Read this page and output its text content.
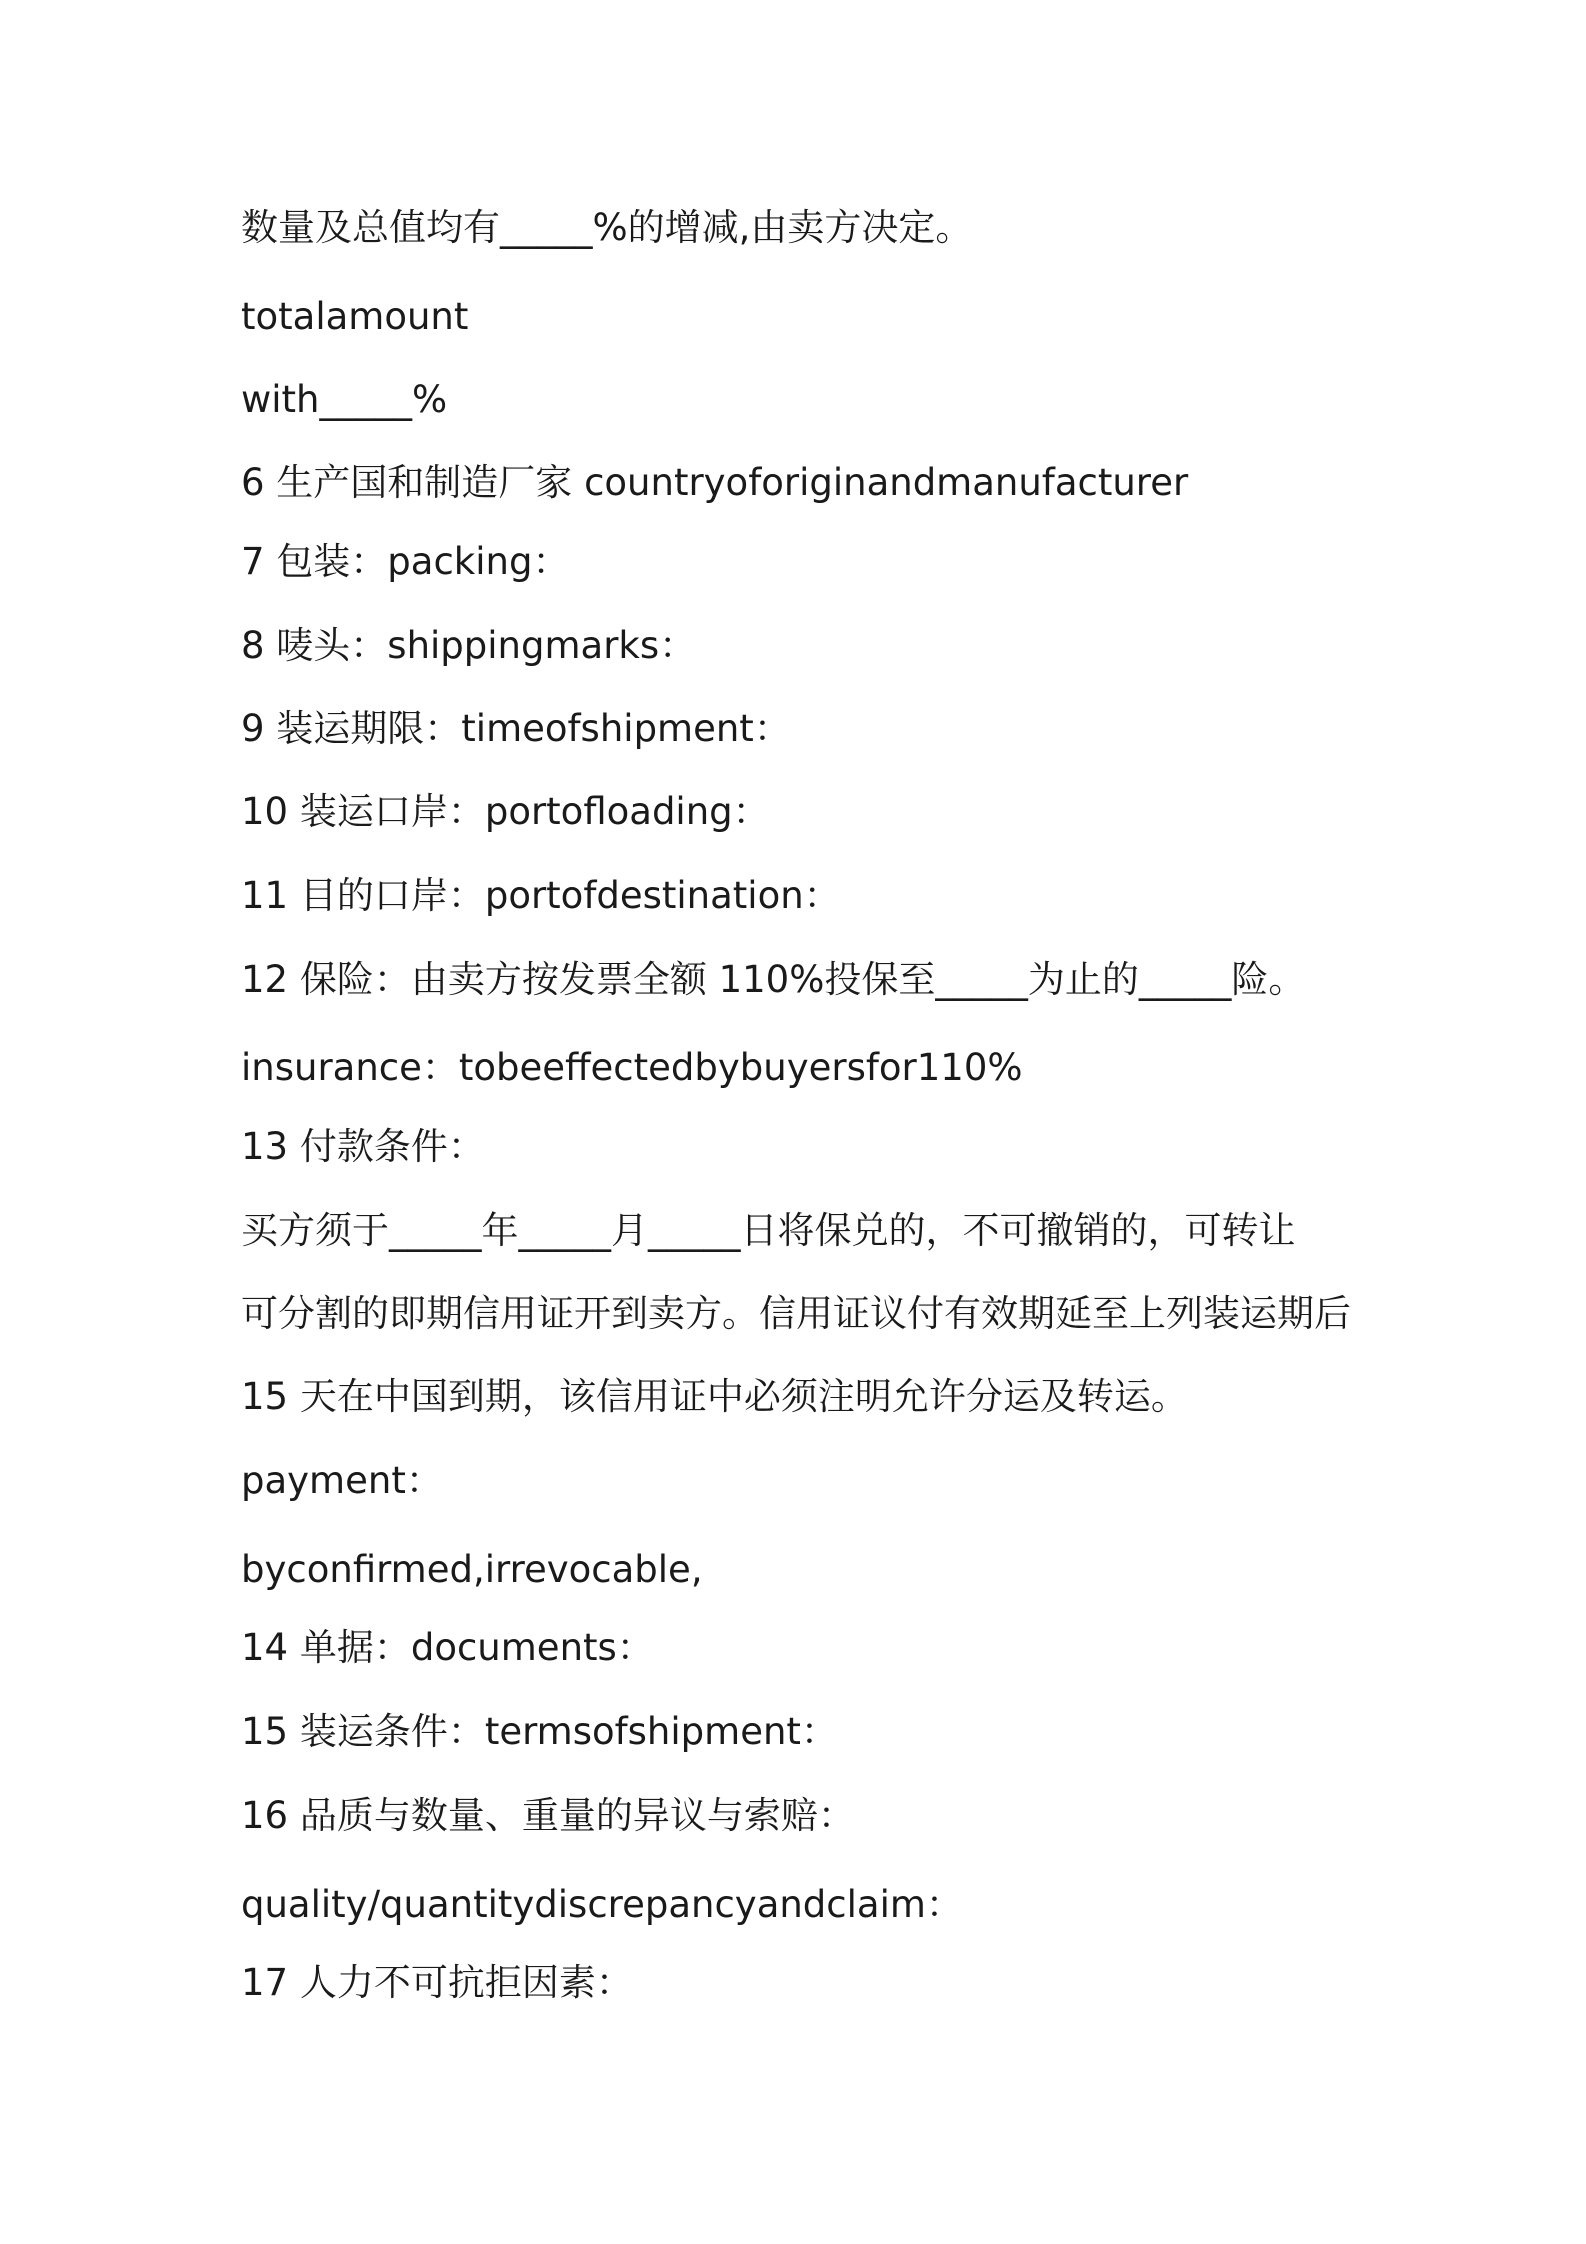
数量及总值均有_____%的增减,由卖方决定。

totalamount

with_____%

6 生产国和制造厂家 countryoforiginandmanufacturer

7 包装：packing：

8 唛头：shippingmarks：

9 装运期限：timeofshipment：

10 装运口岸：portofloading：

11 目的口岸：portofdestination：

12 保险：由卖方按发票全额 110%投保至_____为止的_____险。

insurance：tobeeffectedbybuyersfor110%

13 付款条件：

买方须于_____年_____月_____日将保兑的，不可撤销的，可转让

可分割的即期信用证开到卖方。信用证议付有效期延至上列装运期后

15 天在中国到期，该信用证中必须注明允许分运及转运。

payment：

byconfirmed,irrevocable,

14 单据：documents：

15 装运条件：termsofshipment：

16 品质与数量、重量的异议与索赔：

quality/quantitydiscrepancyandclaim：

17 人力不可抗拒因素：
